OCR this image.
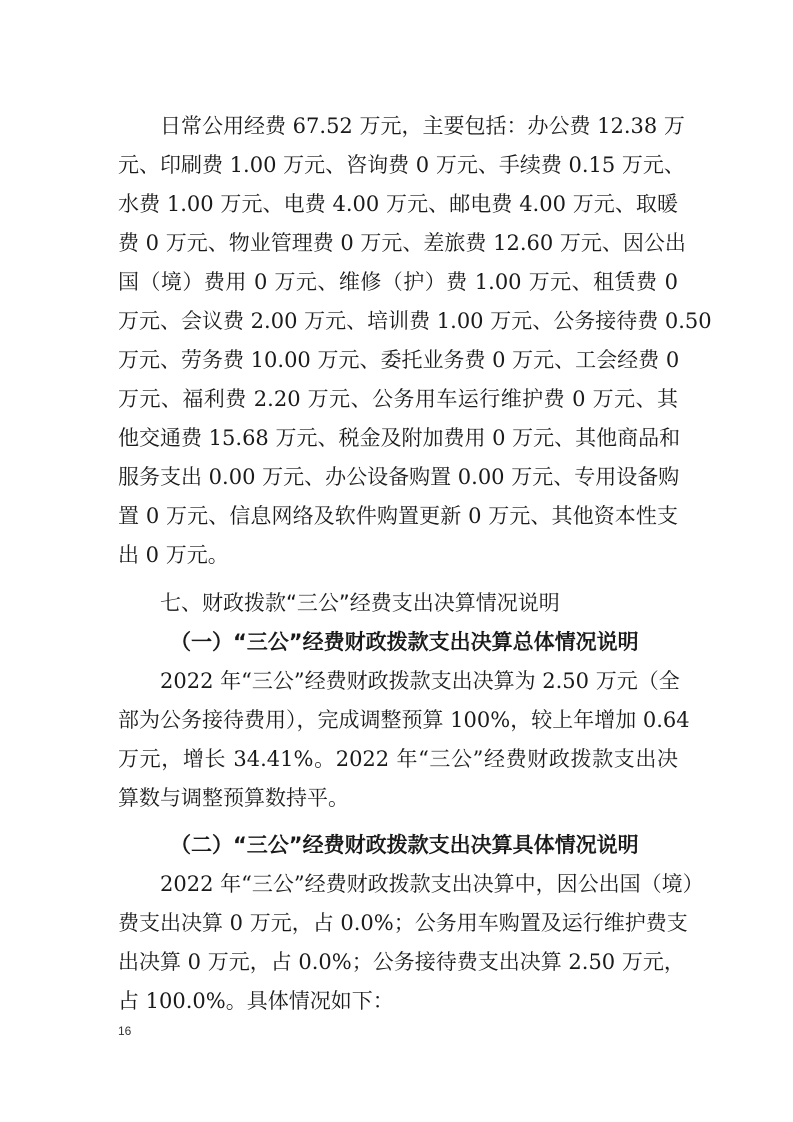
日常公用经费 67.52 万元，主要包括：办公费 12.38 万
元、印刷费 1.00 万元、咨询费 0 万元、手续费 0.15 万元、
水费 1.00 万元、电费 4.00 万元、邮电费 4.00 万元、取暖
费 0 万元、物业管理费 0 万元、差旅费 12.60 万元、因公出
国（境）费用 0 万元、维修（护）费 1.00 万元、租赁费 0
万元、会议费 2.00 万元、培训费 1.00 万元、公务接待费 0.50
万元、劳务费 10.00 万元、委托业务费 0 万元、工会经费 0
万元、福利费 2.20 万元、公务用车运行维护费 0 万元、其
他交通费 15.68 万元、税金及附加费用 0 万元、其他商品和
服务支出 0.00 万元、办公设备购置 0.00 万元、专用设备购
置 0 万元、信息网络及软件购置更新 0 万元、其他资本性支
出 0 万元。
七、财政拨款“三公”经费支出决算情况说明
（一）“三公”经费财政拨款支出决算总体情况说明
2022 年“三公”经费财政拨款支出决算为 2.50 万元（全
部为公务接待费用），完成调整预算 100%，较上年增加 0.64
万元，增长 34.41%。2022 年“三公”经费财政拨款支出决
算数与调整预算数持平。
（二）“三公”经费财政拨款支出决算具体情况说明
2022 年“三公”经费财政拨款支出决算中，因公出国（境）
费支出决算 0 万元，占 0.0%；公务用车购置及运行维护费支
出决算 0 万元，占 0.0%；公务接待费支出决算 2.50 万元，
占 100.0%。具体情况如下：
16
